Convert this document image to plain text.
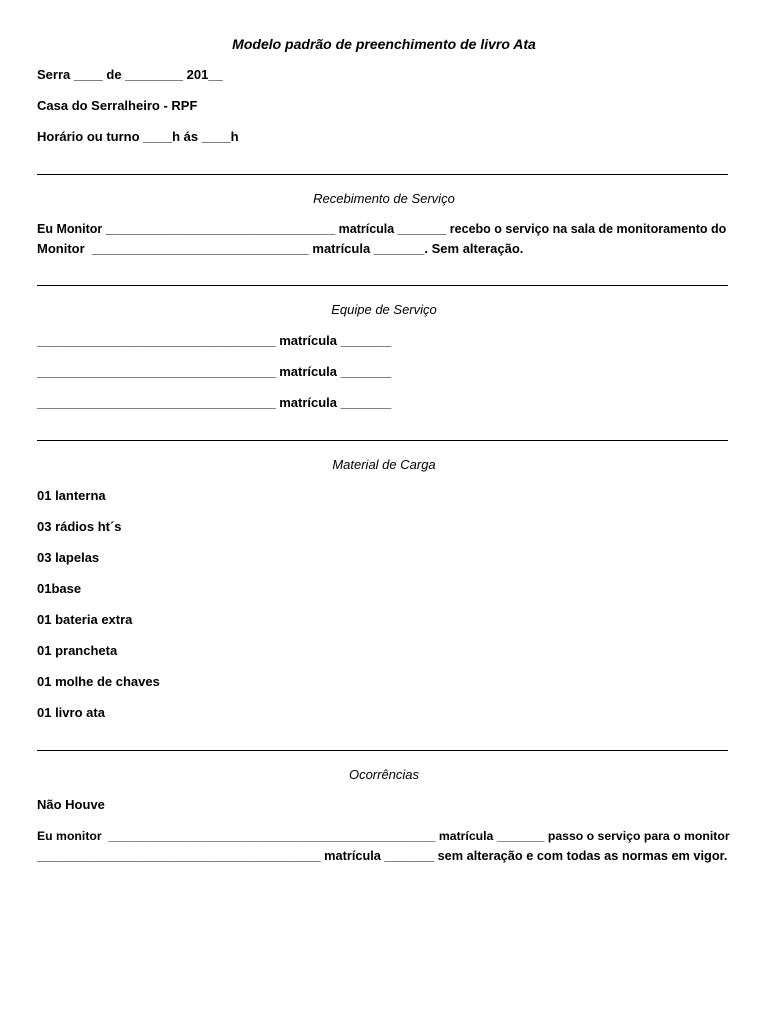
Modelo padrão de preenchimento de livro Ata
Serra ____ de ________ 201__
Casa do Serralheiro - RPF
Horário ou turno ____h ás ____h
Recebimento de Serviço
Eu Monitor _________________________________ matrícula _______ recebo o serviço na sala de monitoramento do
Monitor  ______________________________ matrícula _______. Sem alteração.
Equipe de Serviço
_________________________________ matrícula _______
_________________________________ matrícula _______
_________________________________ matrícula _______
Material de Carga
01 lanterna
03 rádios ht´s
03 lapelas
01base
01 bateria extra
01 prancheta
01 molhe de chaves
01 livro ata
Ocorrências
Não Houve
Eu monitor  ________________________________________________ matrícula _______ passo o serviço para o monitor
________________________________________ matrícula _______ sem alteração e com todas as normas em vigor.
